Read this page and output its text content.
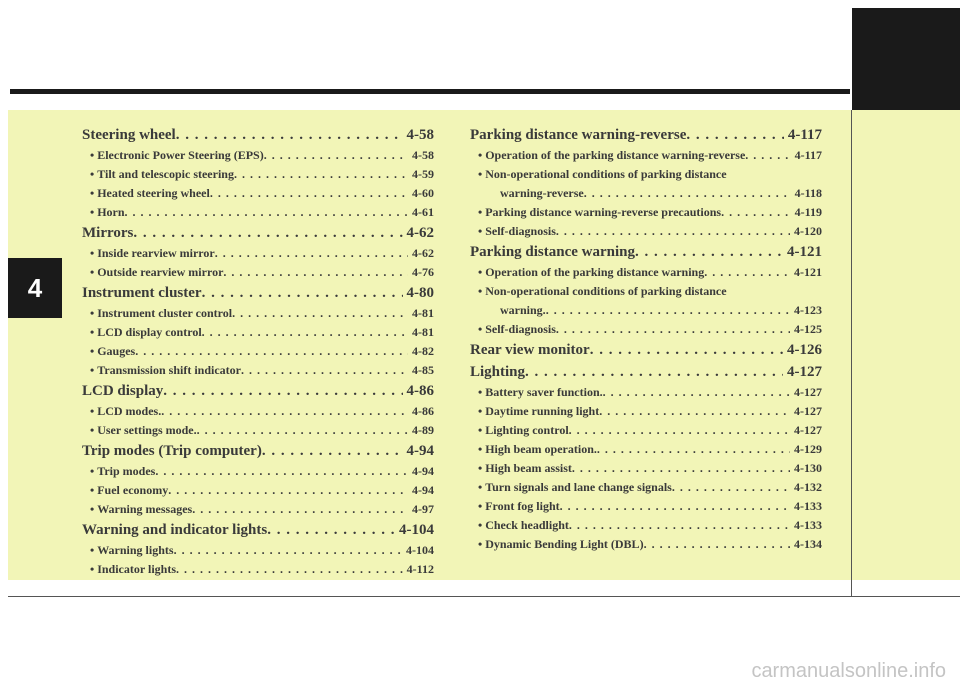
4
Steering wheel . . .	4-58
• Electronic Power Steering (EPS) . . .	4-58
• Tilt and telescopic steering . . .	4-59
• Heated steering wheel . . .	4-60
• Horn . . .	4-61
Mirrors . . .	4-62
• Inside rearview mirror . . .	4-62
• Outside rearview mirror . . .	4-76
Instrument cluster . . .	4-80
• Instrument cluster control . . .	4-81
• LCD display control . . .	4-81
• Gauges . . .	4-82
• Transmission shift indicator . . .	4-85
LCD display . . .	4-86
• LCD modes. . . .	4-86
• User settings mode. . . .	4-89
Trip modes (Trip computer) . . .	4-94
• Trip modes . . .	4-94
• Fuel economy . . .	4-94
• Warning messages . . .	4-97
Warning and indicator lights . . .	4-104
• Warning lights . . .	4-104
• Indicator lights . . .	4-112
Parking distance warning-reverse . . .	4-117
• Operation of the parking distance warning-reverse . . .	4-117
• Non-operational conditions of parking distance
warning-reverse . . .	4-118
• Parking distance warning-reverse precautions . . .	4-119
• Self-diagnosis . . .	4-120
Parking distance warning . . .	4-121
• Operation of the parking distance warning . . .	4-121
• Non-operational conditions of parking distance
warning. . . .	4-123
• Self-diagnosis . . .	4-125
Rear view monitor . . .	4-126
Lighting . . .	4-127
• Battery saver function. . . .	4-127
• Daytime running light . . .	4-127
• Lighting control . . .	4-127
• High beam operation. . . .	4-129
• High beam assist . . .	4-130
• Turn signals and lane change signals . . .	4-132
• Front fog light . . .	4-133
• Check headlight . . .	4-133
• Dynamic Bending Light (DBL) . . .	4-134
carmanualsonline.info
